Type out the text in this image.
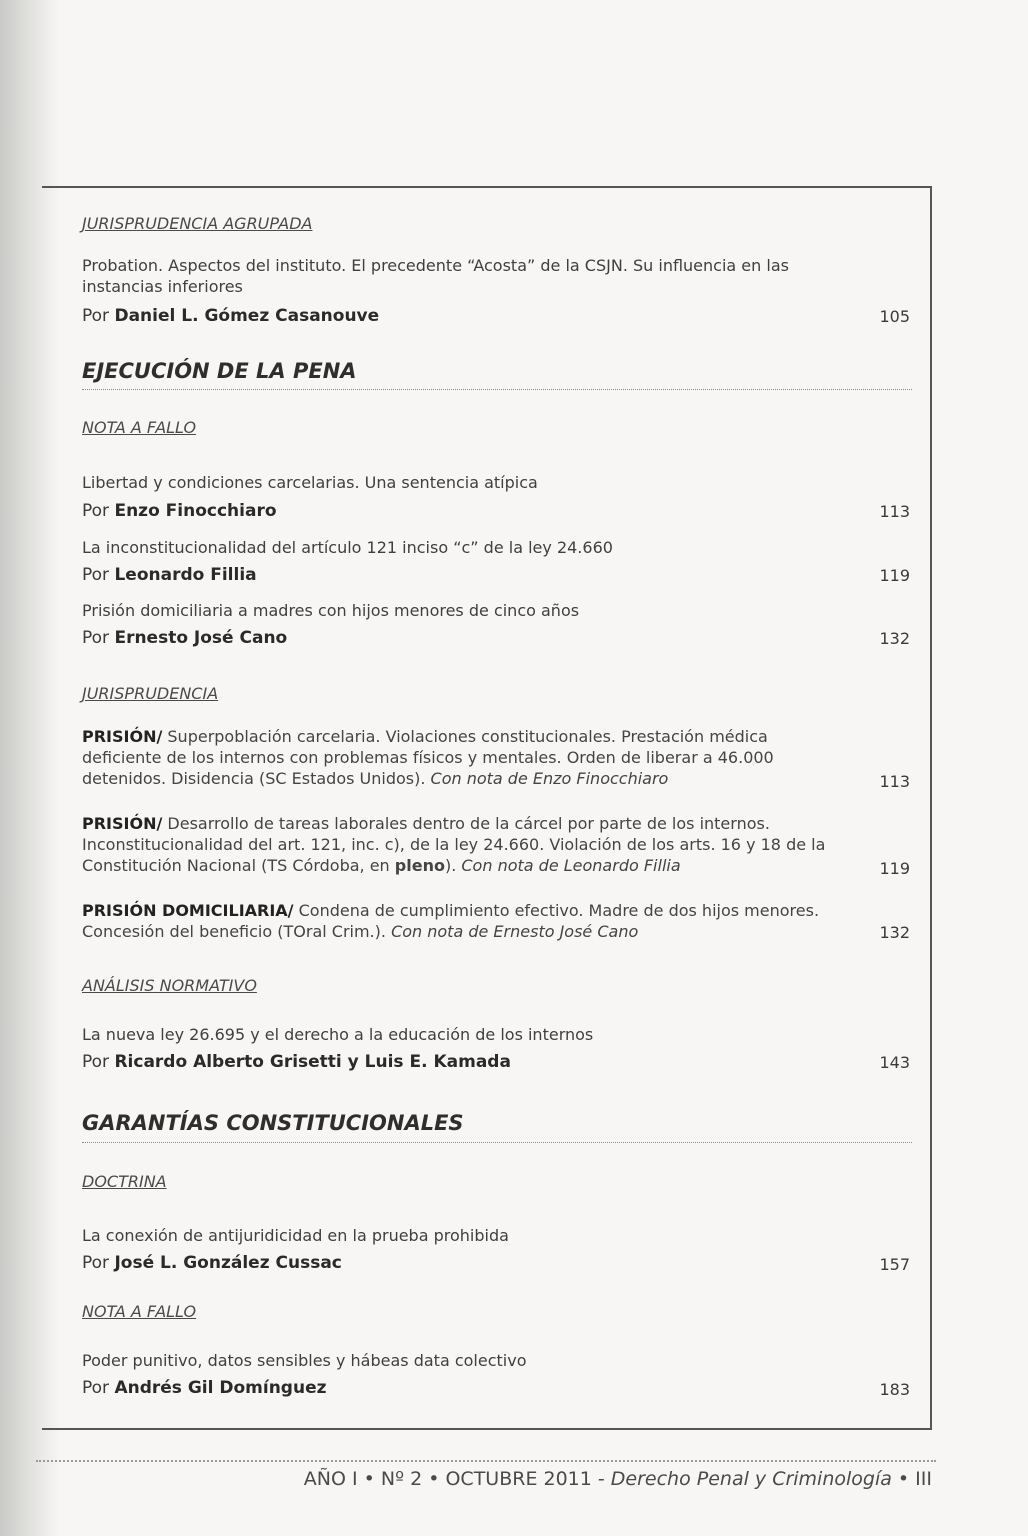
JURISPRUDENCIA AGRUPADA
Probation. Aspectos del instituto. El precedente “Acosta” de la CSJN. Su influencia en las
instancias inferiores
Por Daniel L. Gómez Casanouve	105
EJECUCIÓN DE LA PENA
NOTA A FALLO
Libertad y condiciones carcelarias. Una sentencia atípica
Por Enzo Finocchiaro	113
La inconstitucionalidad del artículo 121 inciso “c” de la ley 24.660
Por Leonardo Fillia	119
Prisión domiciliaria a madres con hijos menores de cinco años
Por Ernesto José Cano	132
JURISPRUDENCIA
PRISIÓN/ Superpoblación carcelaria. Violaciones constitucionales. Prestación médica deficiente de los internos con problemas físicos y mentales. Orden de liberar a 46.000 detenidos. Disidencia (SC Estados Unidos). Con nota de Enzo Finocchiaro	113
PRISIÓN/ Desarrollo de tareas laborales dentro de la cárcel por parte de los internos. Inconstitucionalidad del art. 121, inc. c), de la ley 24.660. Violación de los arts. 16 y 18 de la Constitución Nacional (TS Córdoba, en pleno). Con nota de Leonardo Fillia	119
PRISIÓN DOMICILIARIA/ Condena de cumplimiento efectivo. Madre de dos hijos menores. Concesión del beneficio (TOral Crim.). Con nota de Ernesto José Cano	132
ANÁLISIS NORMATIVO
La nueva ley 26.695 y el derecho a la educación de los internos
Por Ricardo Alberto Grisetti y Luis E. Kamada	143
GARANTÍAS CONSTITUCIONALES
DOCTRINA
La conexión de antijuridicidad en la prueba prohibida
Por José L. González Cussac	157
NOTA A FALLO
Poder punitivo, datos sensibles y hábeas data colectivo
Por Andrés Gil Domínguez	183
AÑO I • Nº 2 • OCTUBRE 2011 - Derecho Penal y Criminología • III
